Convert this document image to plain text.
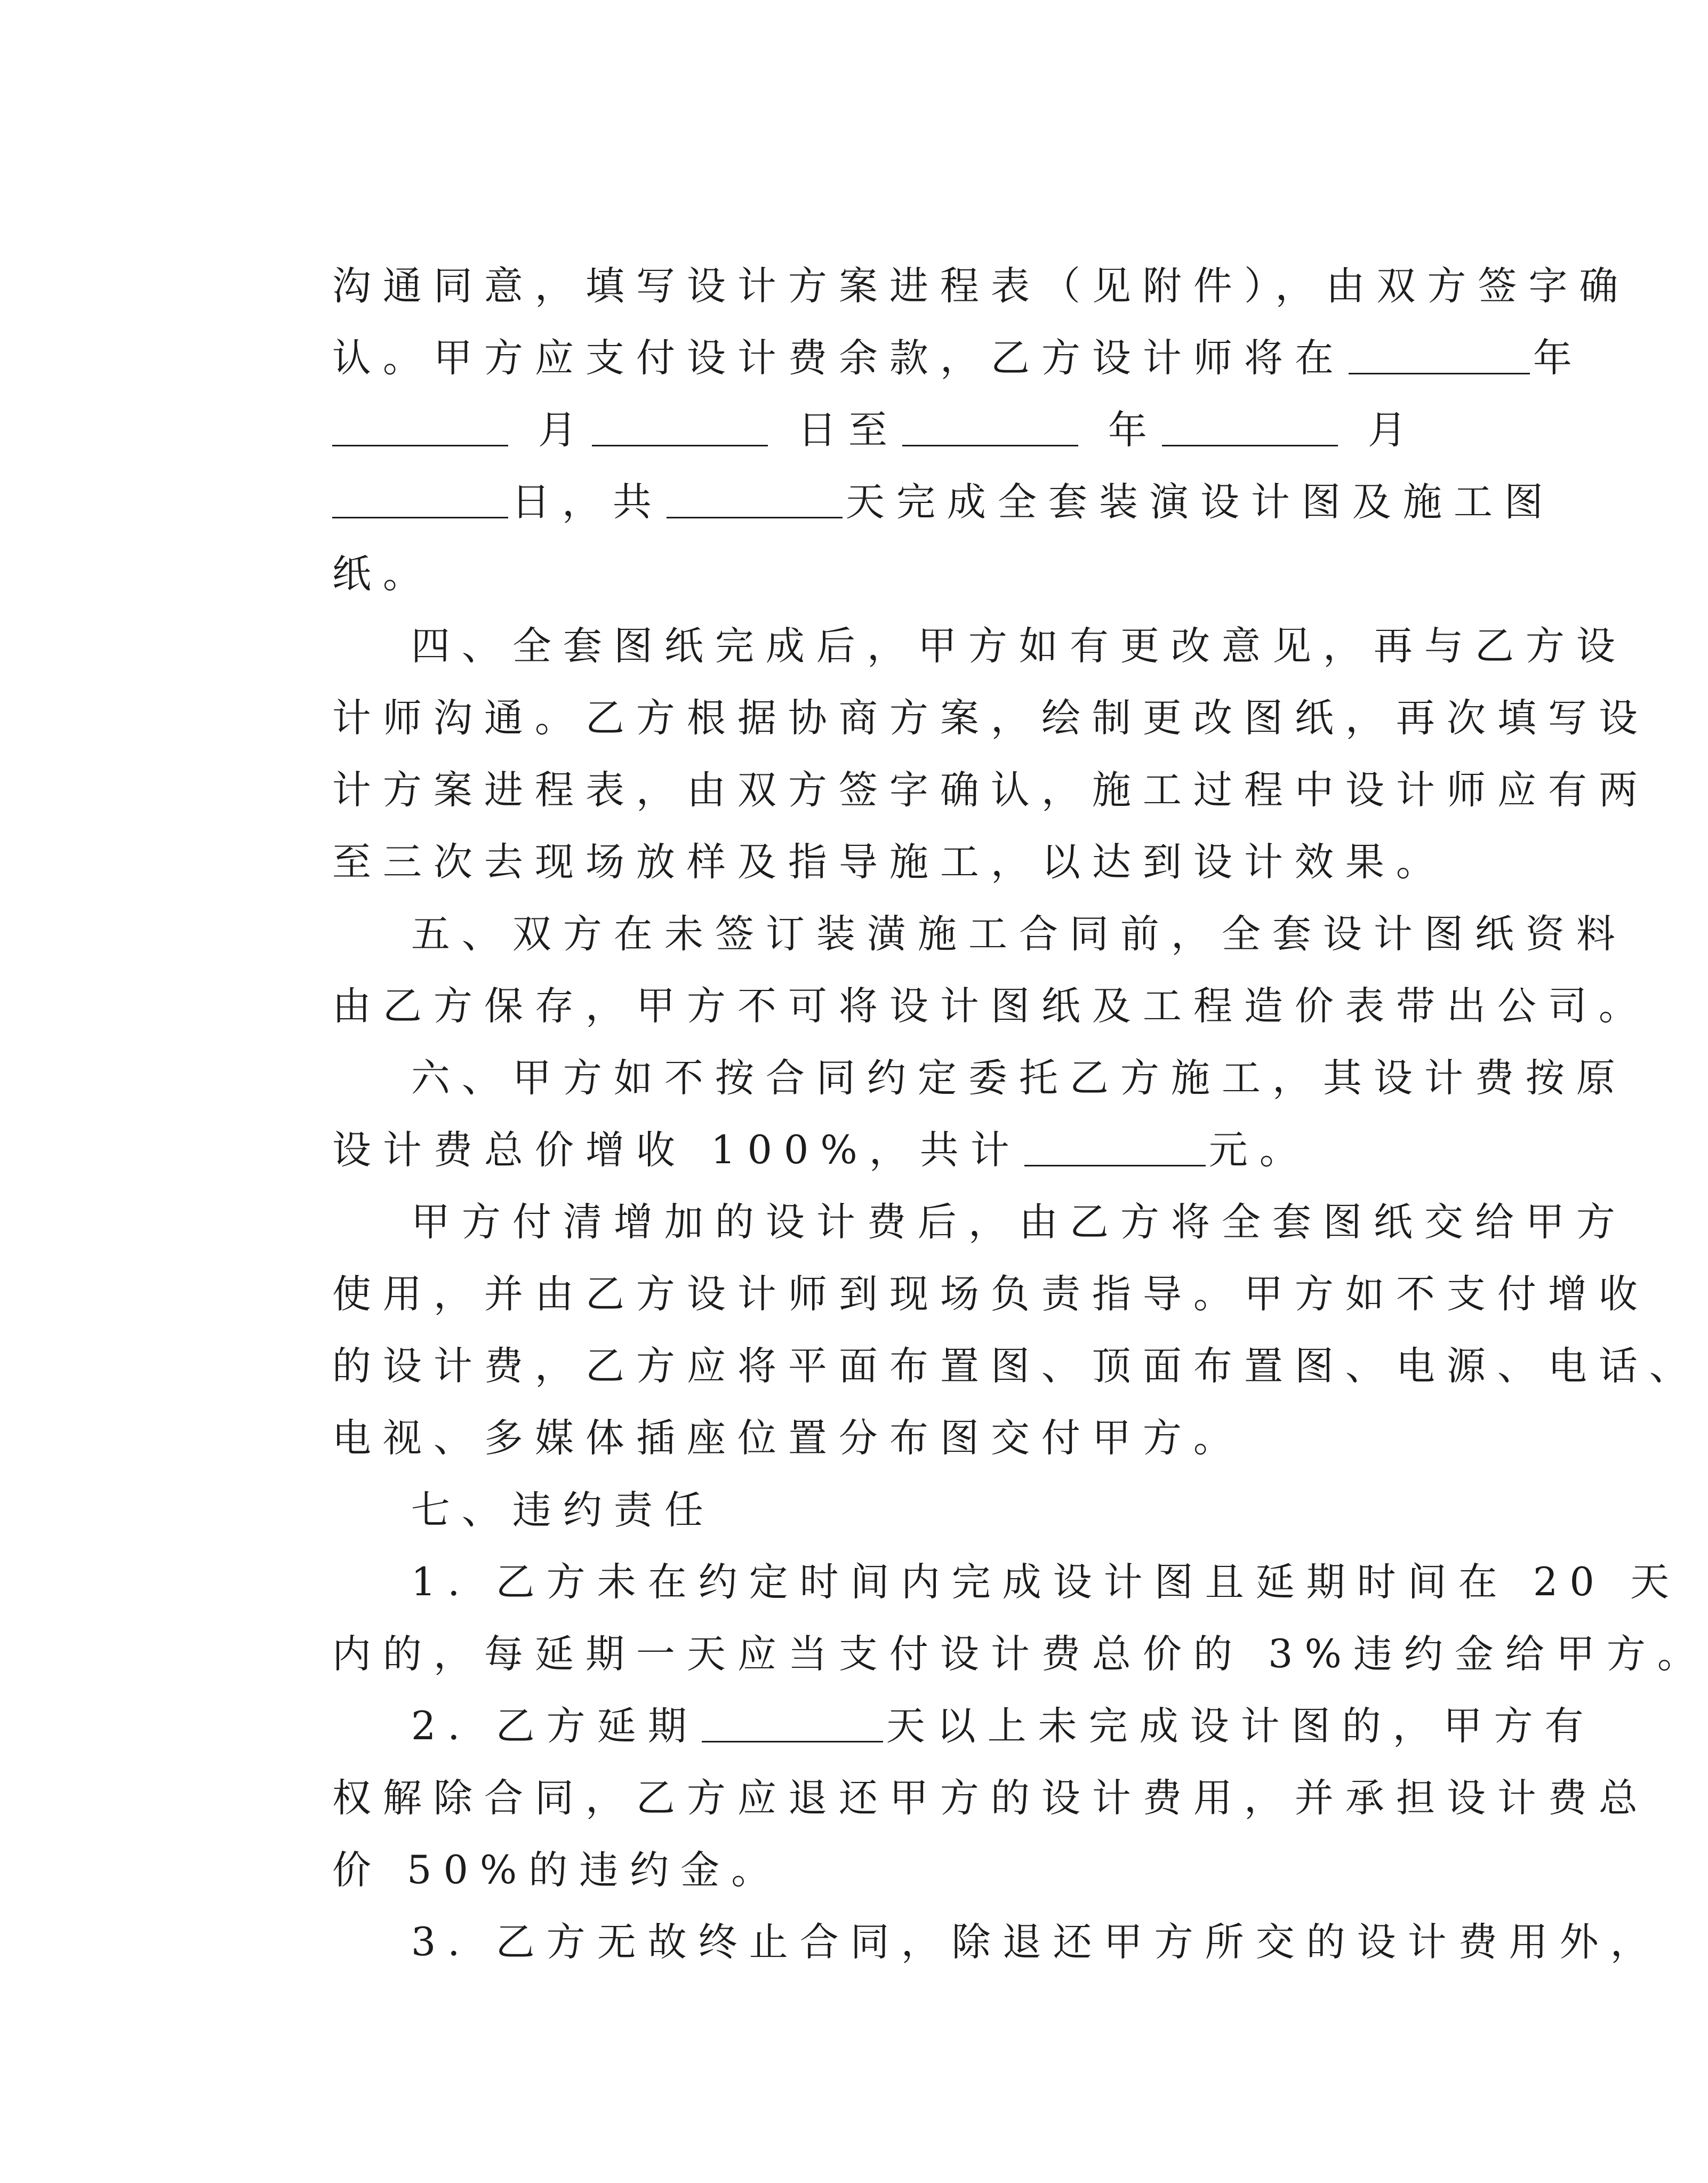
沟通同意，填写设计方案进程表（见附件），由双方签字确

认。甲方应支付设计费余款，乙方设计师将在	年

月	日至	年	月

日，共	天完成全套装演设计图及施工图

纸。

四、全套图纸完成后，甲方如有更改意见，再与乙方设

计师沟通。乙方根据协商方案，绘制更改图纸，再次填写设

计方案进程表，由双方签字确认，施工过程中设计师应有两

至三次去现场放样及指导施工，以达到设计效果。

五、双方在未签订装潢施工合同前，全套设计图纸资料

由乙方保存，甲方不可将设计图纸及工程造价表带出公司。

六、甲方如不按合同约定委托乙方施工，其设计费按原

设计费总价增收 100%，共计	元。

甲方付清增加的设计费后，由乙方将全套图纸交给甲方

使用，并由乙方设计师到现场负责指导。甲方如不支付增收

的设计费，乙方应将平面布置图、顶面布置图、电源、电话、

电视、多媒体插座位置分布图交付甲方。

七、违约责任

1. 乙方未在约定时间内完成设计图且延期时间在 20 天

内的，每延期一天应当支付设计费总价的 3%违约金给甲方。

2. 乙方延期	天以上未完成设计图的，甲方有

权解除合同，乙方应退还甲方的设计费用，并承担设计费总

价 50%的违约金。

3. 乙方无故终止合同，除退还甲方所交的设计费用外，
